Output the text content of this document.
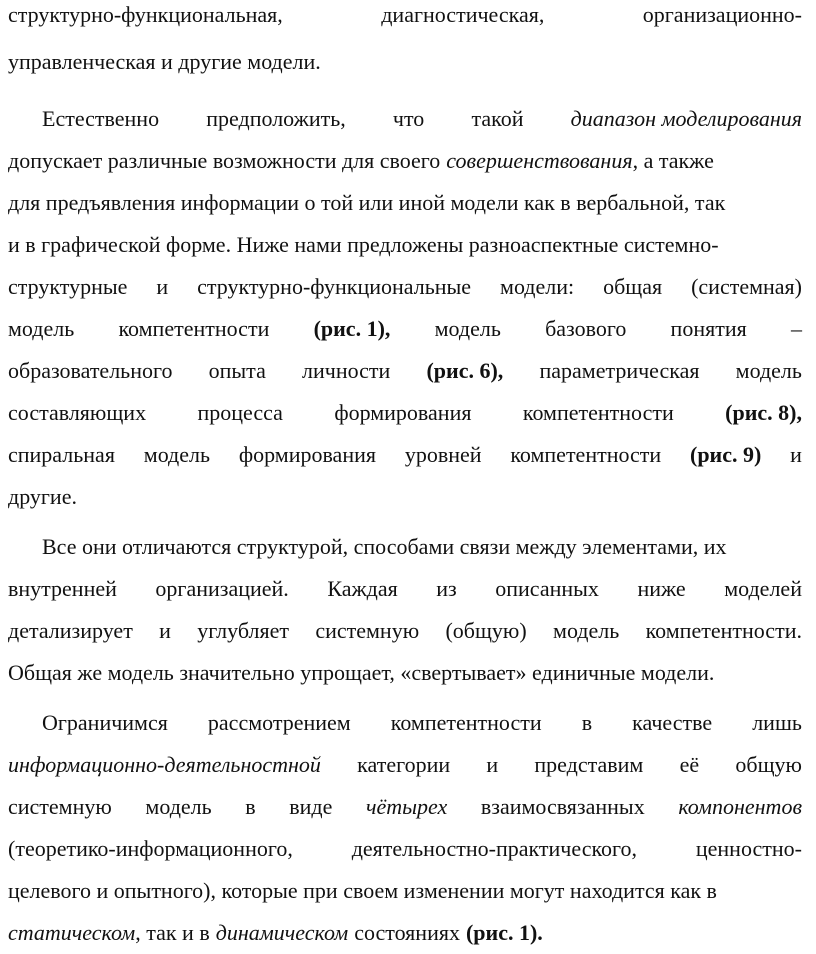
структурно-функциональная,	диагностическая,	организационно-
управленческая и другие модели.
Естественно предположить, что такой диапазон моделирования
допускает различные возможности для своего совершенствования , а также
для предъявления информации о той или иной модели как в вербальной, так
и в графической форме. Ниже нами предложены разноаспектные системно-
структурные и структурно-функциональные модели: общая (системная)
модель компетентности (рис. 1), модель базового понятия –
образовательного опыта личности (рис. 6), параметрическая модель
составляющих процесса формирования компетентности (рис. 8),
спиральная модель формирования уровней компетентности (рис. 9) и
другие.
Все они отличаются структурой, способами связи между элементами, их
внутренней организацией. Каждая из описанных ниже моделей
детализирует и углубляет системную (общую) модель компетентности.
Общая же модель значительно упрощает, «свертывает» единичные модели.
Ограничимся рассмотрением компетентности в качестве лишь
информационно-деятельностной категории и представим её общую
системную модель в виде чётырех взаимосвязанных компонентов
(теоретико-информационного,	деятельностно-практического,	ценностно-
целевого и опытного), которые при своем изменении могут находится как в
статическом , так и в динамическом состояниях (рис. 1).
